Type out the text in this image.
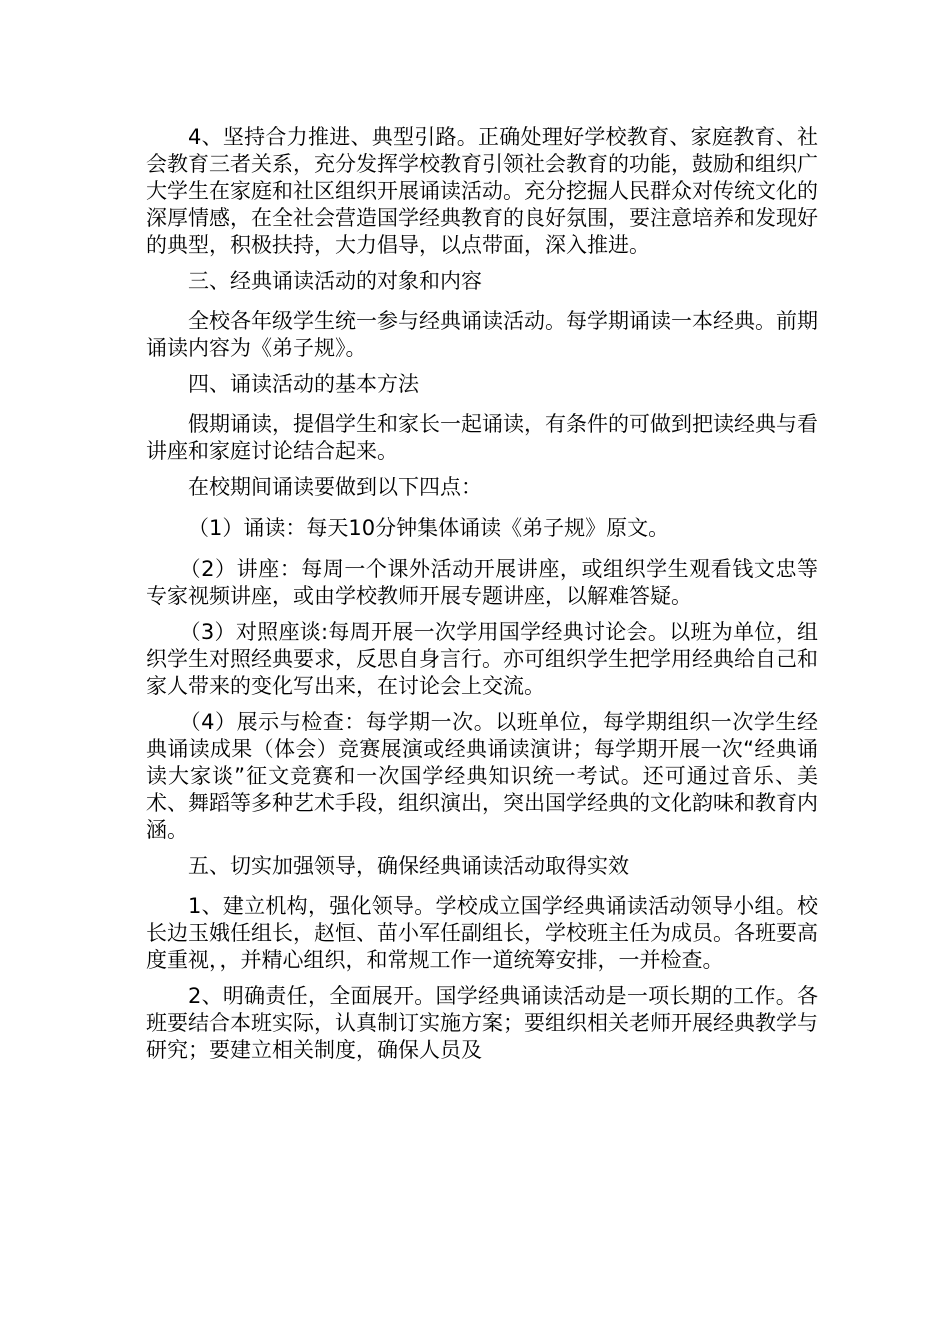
4、坚持合力推进、典型引路。正确处理好学校教育、家庭教育、社会教育三者关系，充分发挥学校教育引领社会教育的功能，鼓励和组织广大学生在家庭和社区组织开展诵读活动。充分挖掘人民群众对传统文化的深厚情感，在全社会营造国学经典教育的良好氛围，要注意培养和发现好的典型，积极扶持，大力倡导，以点带面，深入推进。

三、经典诵读活动的对象和内容

全校各年级学生统一参与经典诵读活动。每学期诵读一本经典。前期诵读内容为《弟子规》。

四、诵读活动的基本方法

假期诵读，提倡学生和家长一起诵读，有条件的可做到把读经典与看讲座和家庭讨论结合起来。

在校期间诵读要做到以下四点：

（1）诵读：每天10分钟集体诵读《弟子规》原文。

（2）讲座：每周一个课外活动开展讲座，或组织学生观看钱文忠等专家视频讲座，或由学校教师开展专题讲座，以解难答疑。

（3）对照座谈:每周开展一次学用国学经典讨论会。以班为单位，组织学生对照经典要求，反思自身言行。亦可组织学生把学用经典给自己和家人带来的变化写出来，在讨论会上交流。

（4）展示与检查：每学期一次。以班单位，每学期组织一次学生经典诵读成果（体会）竞赛展演或经典诵读演讲；每学期开展一次“经典诵读大家谈”征文竞赛和一次国学经典知识统一考试。还可通过音乐、美术、舞蹈等多种艺术手段，组织演出，突出国学经典的文化韵味和教育内涵。

五、切实加强领导，确保经典诵读活动取得实效

1、建立机构，强化领导。学校成立国学经典诵读活动领导小组。校长边玉娥任组长，赵恒、苗小军任副组长，学校班主任为成员。各班要高度重视，，并精心组织，和常规工作一道统筹安排，一并检查。

2、明确责任，全面展开。国学经典诵读活动是一项长期的工作。各班要结合本班实际，认真制订实施方案；要组织相关老师开展经典教学与研究；要建立相关制度，确保人员及
